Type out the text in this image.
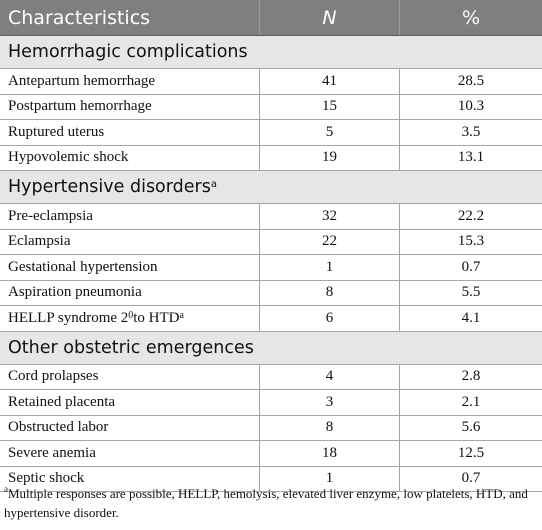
Characteristics	N	%
Hemorrhagic complications
Antepartum hemorrhage	41	28.5
Postpartum hemorrhage	15	10.3
Ruptured uterus	5	3.5
Hypovolemic shock	19	13.1
Hypertensive disorders$^a$
Pre-eclampsia	32	22.2
Eclampsia	22	15.3
Gestational hypertension	1	0.7
Aspiration pneumonia	8	5.5
HELLP syndrome $2^0$ to HTD$^a$	6	4.1
Other obstetric emergences
Cord prolapses	4	2.8
Retained placenta	3	2.1
Obstructed labor	8	5.6
Severe anemia	18	12.5
Septic shock	1	0.7
$^a$Multiple responses are possible, HELLP, hemolysis, elevated liver enzyme, low platelets, HTD, and hypertensive disorder.
